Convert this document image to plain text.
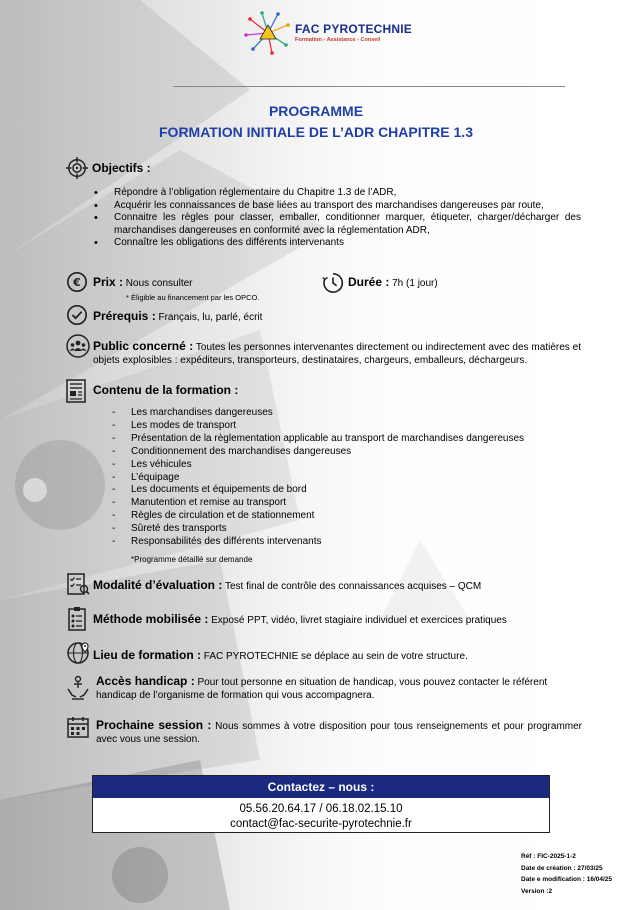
FAC PYROTECHNIE
Formation - Assistance - Conseil
PROGRAMME
FORMATION INITIALE DE L’ADR CHAPITRE 1.3
Objectifs :
• Répondre à l’obligation réglementaire du Chapitre 1.3 de l’ADR,
• Acquérir les connaissances de base liées au transport des marchandises dangereuses par route,
• Connaitre les règles pour classer, emballer, conditionner marquer, étiqueter, charger/décharger des marchandises dangereuses en conformité avec la réglementation ADR,
• Connaître les obligations des différents intervenants
€ Prix : Nous consulter
* Éligible au financement par les OPCO.
Durée : 7h (1 jour)
Prérequis : Français, lu, parlé, écrit
Public concerné : Toutes les personnes intervenantes directement ou indirectement avec des matières et objets explosibles : expéditeurs, transporteurs, destinataires, chargeurs, emballeurs, déchargeurs.
Contenu de la formation :
- Les marchandises dangereuses
- Les modes de transport
- Présentation de la règlementation applicable au transport de marchandises dangereuses
- Conditionnement des marchandises dangereuses
- Les véhicules
- L’équipage
- Les documents et équipements de bord
- Manutention et remise au transport
- Règles de circulation et de stationnement
- Sûreté des transports
- Responsabilités des différents intervenants
*Programme détaillé sur demande
Modalité d’évaluation : Test final de contrôle des connaissances acquises – QCM
Méthode mobilisée : Exposé PPT, vidéo, livret stagiaire individuel et exercices pratiques
Lieu de formation : FAC PYROTECHNIE se déplace au sein de votre structure.
Accès handicap : Pour tout personne en situation de handicap, vous pouvez contacter le référent handicap de l’organisme de formation qui vous accompagnera.
Prochaine session : Nous sommes à votre disposition pour tous renseignements et pour programmer avec vous une session.
Contactez – nous :
05.56.20.64.17 / 06.18.02.15.10
contact@fac-securite-pyrotechnie.fr
Réf : FIC-2025-1-2
Date de création : 27/03/25
Date e modification : 16/04/25
Version :2
